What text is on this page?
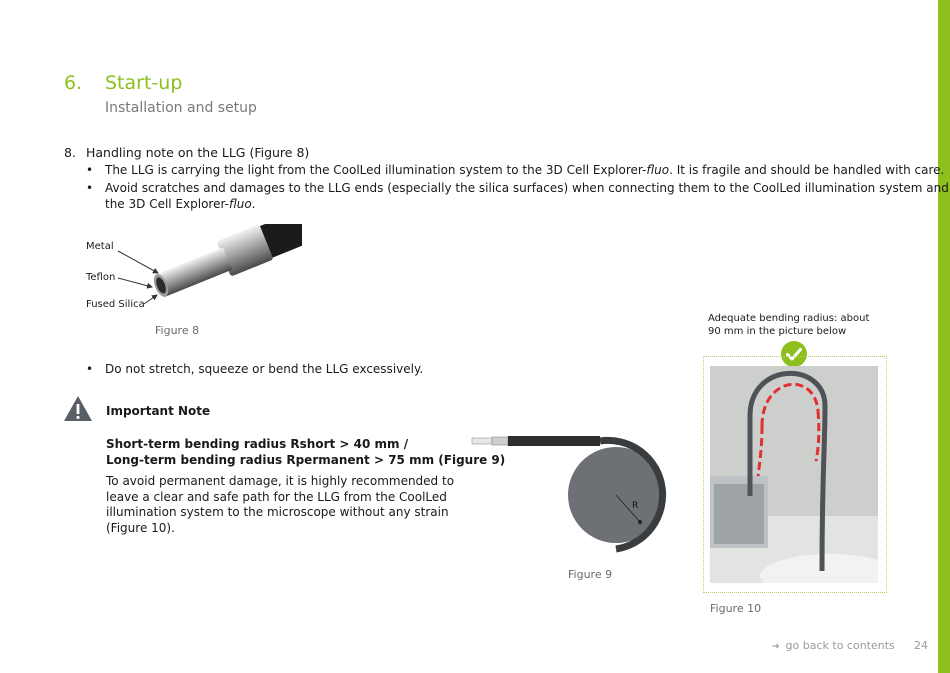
6. Start-up
Installation and setup
8. Handling note on the LLG (Figure 8)
• The LLG is carrying the light from the CoolLed illumination system to the 3D Cell Explorer-fluo. It is fragile and should be handled with care.
• Avoid scratches and damages to the LLG ends (especially the silica surfaces) when connecting them to the CoolLed illumination system and
the 3D Cell Explorer-fluo.
Metal
Teflon
Fused Silica
Figure 8
• Do not stretch, squeeze or bend the LLG excessively.
Important Note
Short-term bending radius Rshort > 40 mm /
Long-term bending radius Rpermanent > 75 mm (Figure 9)
To avoid permanent damage, it is highly recommended to leave a clear and safe path for the LLG from the CoolLed illumination system to the microscope without any strain (Figure 10).
R
Figure 9
Adequate bending radius: about
90 mm in the picture below
Figure 10
➔ go back to contents 24
